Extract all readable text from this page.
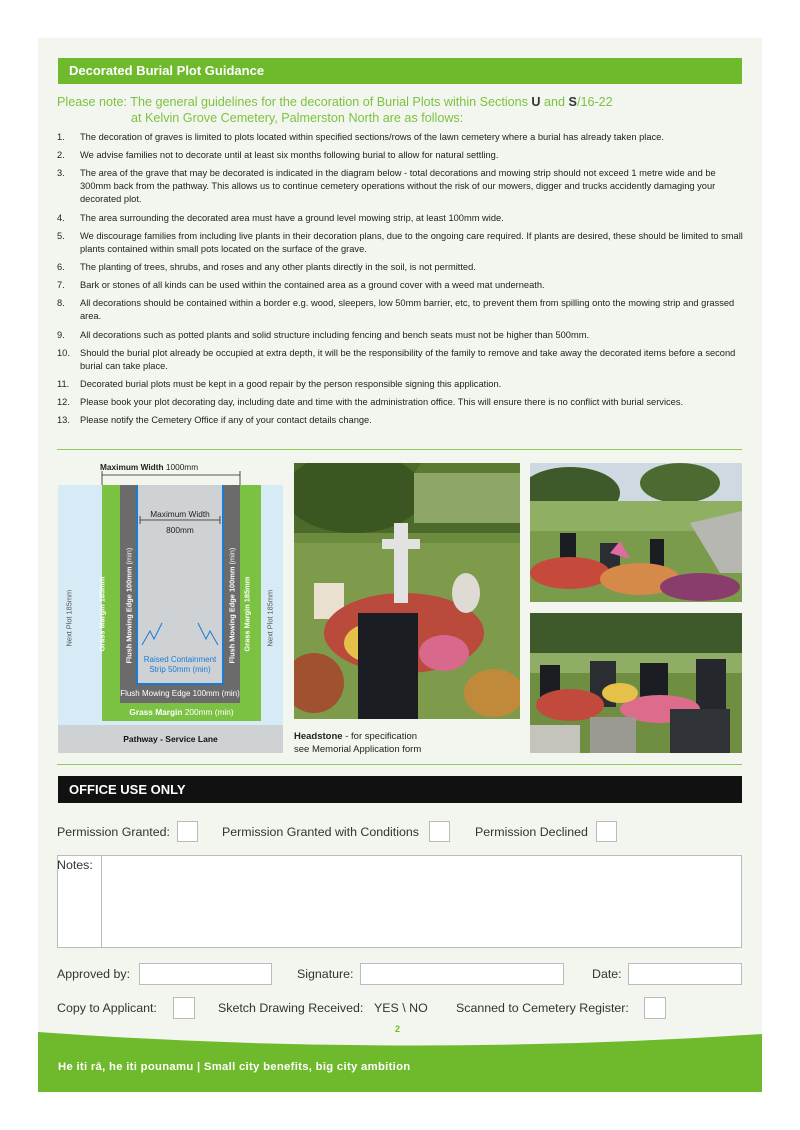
Decorated Burial Plot Guidance
Please note: The general guidelines for the decoration of Burial Plots within Sections U and S/16-22
at Kelvin Grove Cemetery, Palmerston North are as follows:
1. The decoration of graves is limited to plots located within specified sections/rows of the lawn cemetery where a burial has already taken place.
2. We advise families not to decorate until at least six months following burial to allow for natural settling.
3. The area of the grave that may be decorated is indicated in the diagram below - total decorations and mowing strip should not exceed 1 metre wide and be 300mm back from the pathway. This allows us to continue cemetery operations without the risk of our mowers, digger and trucks accidently damaging your decorated plot.
4. The area surrounding the decorated area must have a ground level mowing strip, at least 100mm wide.
5. We discourage families from including live plants in their decoration plans, due to the ongoing care required. If plants are desired, these should be limited to small plants contained within small pots located on the surface of the grave.
6. The planting of trees, shrubs, and roses and any other plants directly in the soil, is not permitted.
7. Bark or stones of all kinds can be used within the contained area as a ground cover with a weed mat underneath.
8. All decorations should be contained within a border e.g. wood, sleepers, low 50mm barrier, etc, to prevent them from spilling onto the mowing strip and grassed area.
9. All decorations such as potted plants and solid structure including fencing and bench seats must not be higher than 500mm.
10. Should the burial plot already be occupied at extra depth, it will be the responsibility of the family to remove and take away the decorated items before a second burial can take place.
11. Decorated burial plots must be kept in a good repair by the person responsible signing this application.
12. Please book your plot decorating day, including date and time with the administration office. This will ensure there is no conflict with burial services.
13. Please notify the Cemetery Office if any of your contact details change.
Maximum Width 1000mm
Maximum Width
800mm
Next Plot 185mm	Next Plot 185mm
Grass Margin 185mm	Grass Margin 185mm
Flush Mowing Edge 100mm (min)
Flush Mowing Edge 100mm (min)
Raised Containment
Strip 50mm (min)
Flush Mowing Edge 100mm (min)
Grass Margin 200mm (min)
Pathway - Service Lane	Headstone - for specification
see Memorial Application form
OFFICE USE ONLY
Permission Granted:	Permission Granted with Conditions	Permission Declined
Notes:
Approved by:	Signature:	Date:
Copy to Applicant:	Sketch Drawing Received: YES \ NO Scanned to Cemetery Register:
2
He iti rā, he iti pounamu | Small city benefits, big city ambition
